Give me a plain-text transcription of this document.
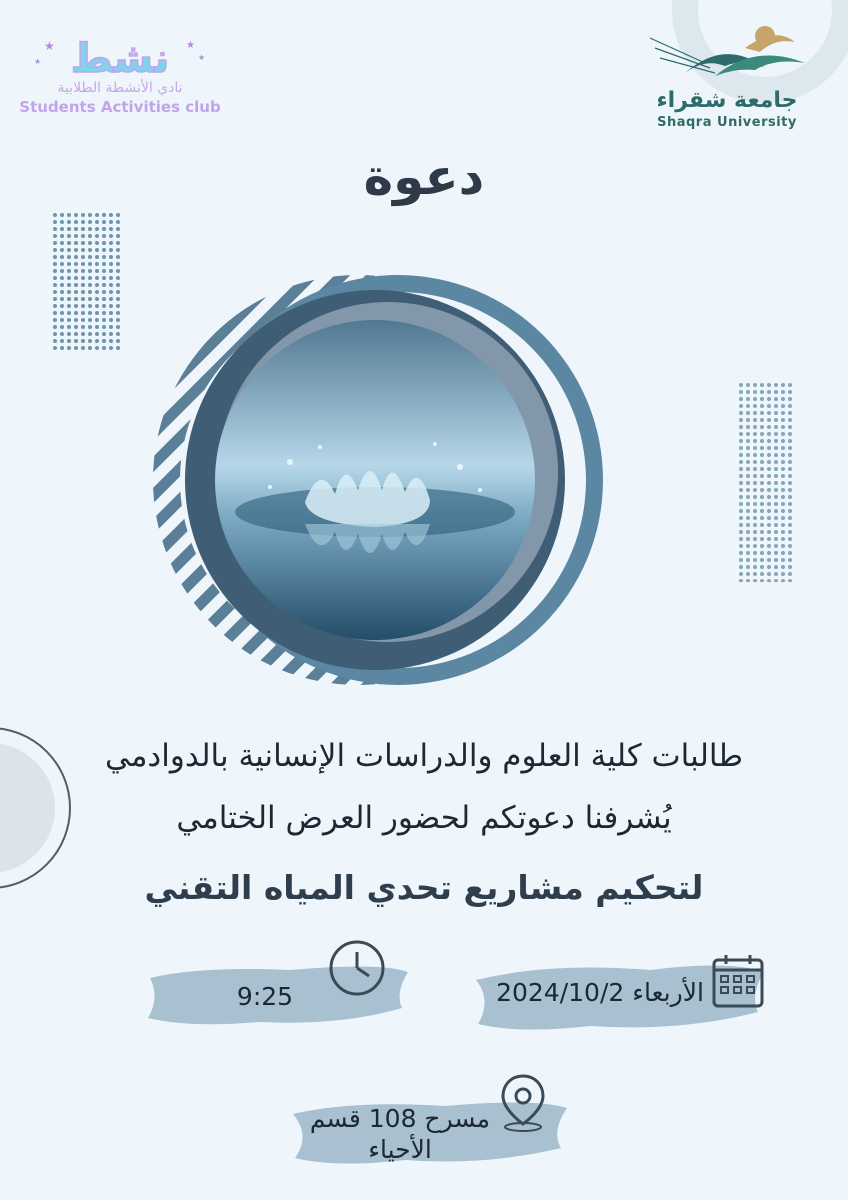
نشط
★
★
★
★
نادي الأنشطة الطلابية
Students Activities club	جامعة شقراء
Shaqra University
دعوة
طالبات كلية العلوم والدراسات الإنسانية بالدوادمي
يُشرفنا دعوتكم لحضور العرض الختامي
لتحكيم مشاريع تحدي المياه التقني
9:25	الأربعاء 2024/10/2
مسرح 108 قسم
الأحياء
